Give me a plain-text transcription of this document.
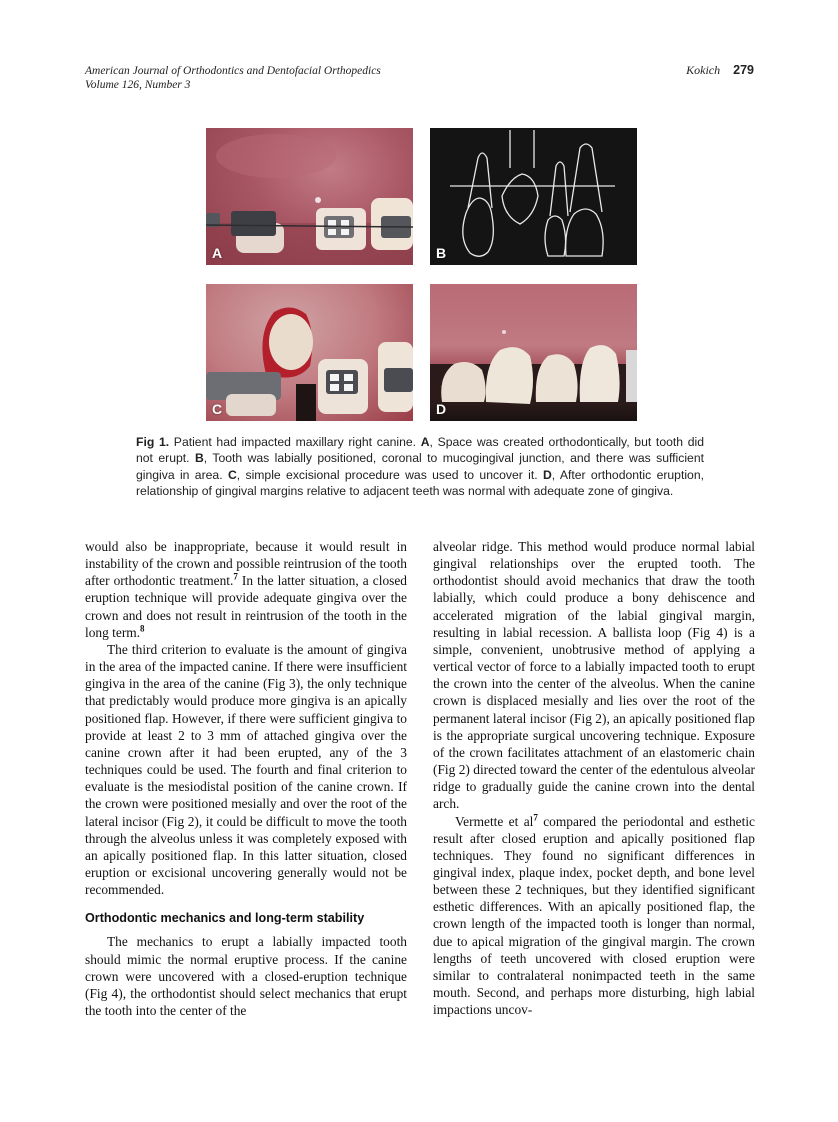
American Journal of Orthodontics and Dentofacial Orthopedics
Volume 126, Number 3
Kokich 279
A	B
C	D
Fig 1. Patient had impacted maxillary right canine. A, Space was created orthodontically, but tooth did not erupt. B, Tooth was labially positioned, coronal to mucogingival junction, and there was sufficient gingiva in area. C, simple excisional procedure was used to uncover it. D, After orthodontic eruption, relationship of gingival margins relative to adjacent teeth was normal with adequate zone of gingiva.

would also be inappropriate, because it would result in instability of the crown and possible reintrusion of the tooth after orthodontic treatment.$^7$ In the latter situation, a closed eruption technique will provide adequate gingiva over the crown and does not result in reintrusion of the tooth in the long term.$^8$

The third criterion to evaluate is the amount of gingiva in the area of the impacted canine. If there were insufficient gingiva in the area of the canine (Fig 3), the only technique that predictably would produce more gingiva is an apically positioned flap. However, if there were sufficient gingiva to provide at least 2 to 3 mm of attached gingiva over the canine crown after it had been erupted, any of the 3 techniques could be used. The fourth and final criterion to evaluate is the mesiodistal position of the canine crown. If the crown were positioned mesially and over the root of the lateral incisor (Fig 2), it could be difficult to move the tooth through the alveolus unless it was completely exposed with an apically positioned flap. In this latter situation, closed eruption or excisional uncovering generally would not be recommended.

Orthodontic mechanics and long-term stability

The mechanics to erupt a labially impacted tooth should mimic the normal eruptive process. If the canine crown were uncovered with a closed-eruption technique (Fig 4), the orthodontist should select mechanics that erupt the tooth into the center of the

alveolar ridge. This method would produce normal labial gingival relationships over the erupted tooth. The orthodontist should avoid mechanics that draw the tooth labially, which could produce a bony dehiscence and accelerated migration of the labial gingival margin, resulting in labial recession. A ballista loop (Fig 4) is a simple, convenient, unobtrusive method of applying a vertical vector of force to a labially impacted tooth to erupt the crown into the center of the alveolus. When the canine crown is displaced mesially and lies over the root of the permanent lateral incisor (Fig 2), an apically positioned flap is the appropriate surgical uncovering technique. Exposure of the crown facilitates attachment of an elastomeric chain (Fig 2) directed toward the center of the edentulous alveolar ridge to gradually guide the canine crown into the dental arch.

Vermette et $al^7$ compared the periodontal and esthetic result after closed eruption and apically positioned flap techniques. They found no significant differences in gingival index, plaque index, pocket depth, and bone level between these 2 techniques, but they identified significant esthetic differences. With an apically positioned flap, the crown length of the impacted tooth is longer than normal, due to apical migration of the gingival margin. The crown lengths of teeth uncovered with closed eruption were similar to contralateral nonimpacted teeth in the same mouth. Second, and perhaps more disturbing, high labial impactions uncov-
